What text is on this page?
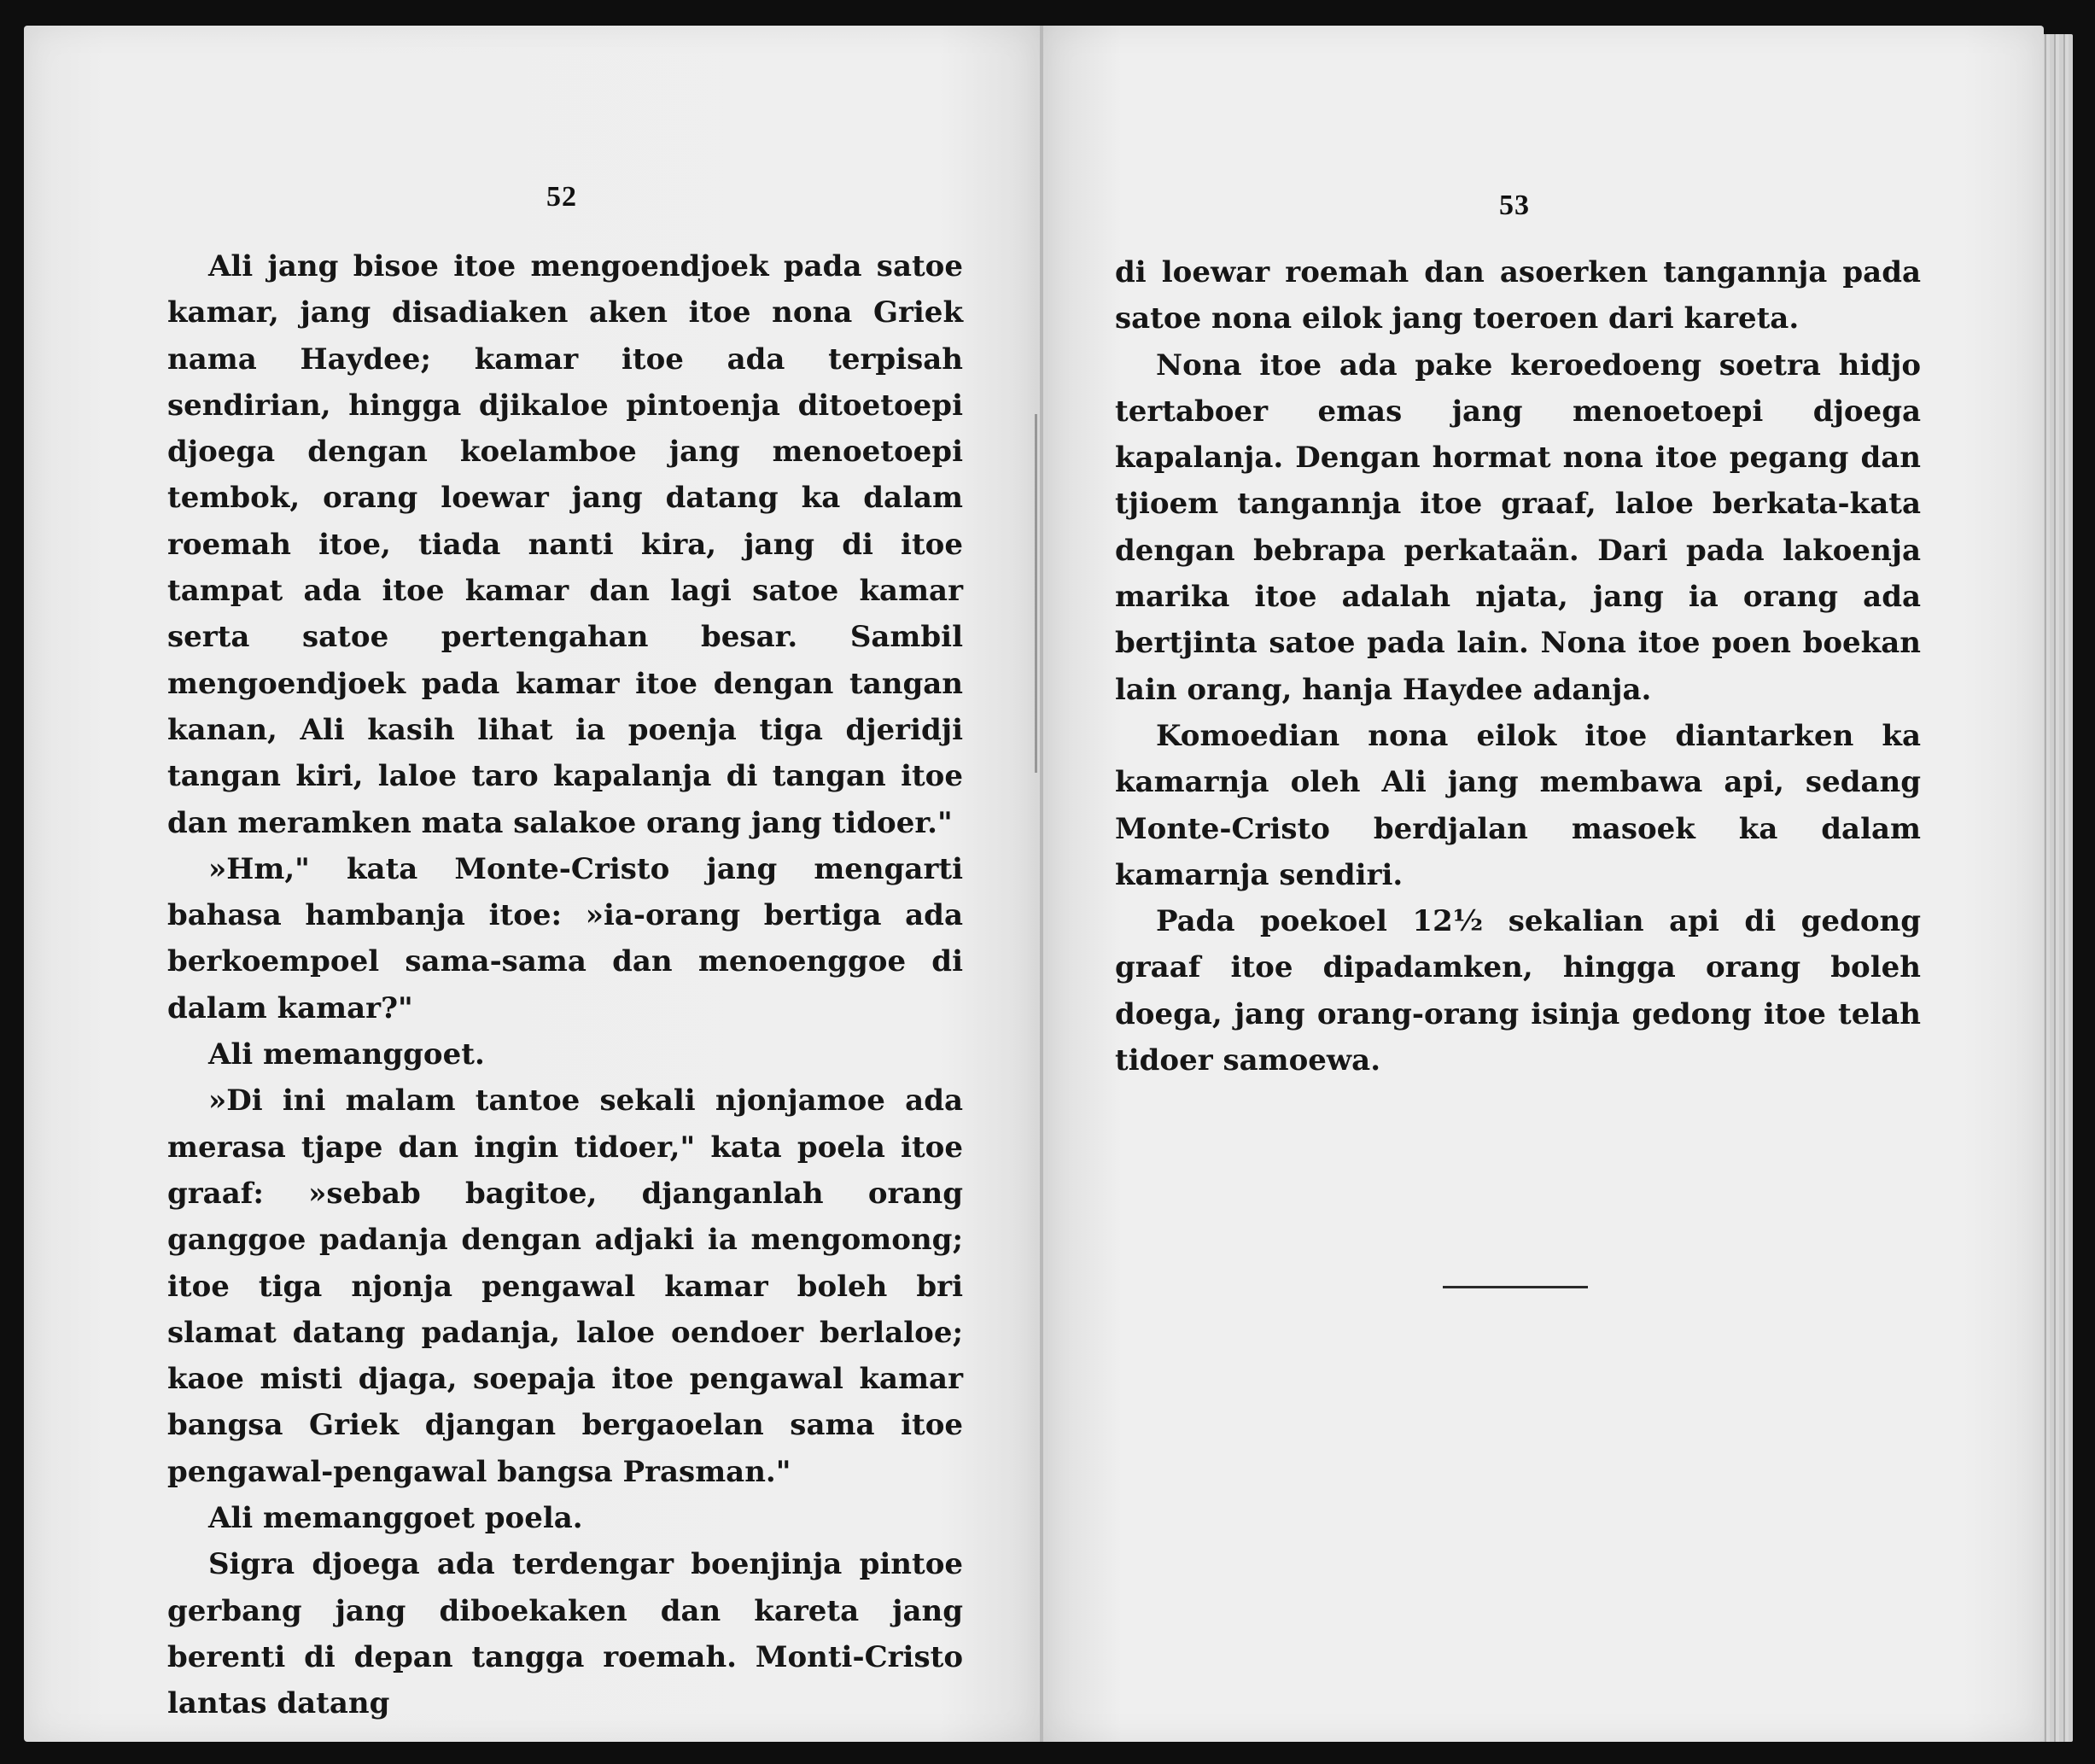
52	53

Ali jang bisoe itoe mengoendjoek pada satoe kamar, jang disadiaken aken itoe nona Griek nama Haydee; kamar itoe ada terpisah sendirian, hingga djikaloe pintoenja ditoetoepi djoega dengan koelamboe jang menoetoepi tembok, orang loewar jang datang ka dalam roemah itoe, tiada nanti kira, jang di itoe tampat ada itoe kamar dan lagi satoe kamar serta satoe pertengahan besar. Sambil mengoendjoek pada kamar itoe dengan tangan kanan, Ali kasih lihat ia poenja tiga djeridji tangan kiri, laloe taro kapalanja di tangan itoe dan meramken mata salakoe orang jang tidoer."

»Hm," kata Monte-Cristo jang mengarti bahasa hambanja itoe: »ia-orang bertiga ada berkoempoel sama-sama dan menoenggoe di dalam kamar?"

Ali memanggoet.

»Di ini malam tantoe sekali njonjamoe ada merasa tjape dan ingin tidoer," kata poela itoe graaf: »sebab bagitoe, djanganlah orang ganggoe padanja dengan adjaki ia mengomong; itoe tiga njonja pengawal kamar boleh bri slamat datang padanja, laloe oendoer berlaloe; kaoe misti djaga, soepaja itoe pengawal kamar bangsa Griek djangan bergaoelan sama itoe pengawal-pengawal bangsa Prasman."

Ali memanggoet poela.

Sigra djoega ada terdengar boenjinja pintoe gerbang jang diboekaken dan kareta jang berenti di depan tangga roemah. Monti-Cristo lantas datang

di loewar roemah dan asoerken tangannja pada satoe nona eilok jang toeroen dari kareta.

Nona itoe ada pake keroedoeng soetra hidjo tertaboer emas jang menoetoepi djoega kapalanja. Dengan hormat nona itoe pegang dan tjioem tangannja itoe graaf, laloe berkata-kata dengan bebrapa perkataän. Dari pada lakoenja marika itoe adalah njata, jang ia orang ada bertjinta satoe pada lain. Nona itoe poen boekan lain orang, hanja Haydee adanja.

Komoedian nona eilok itoe diantarken ka kamarnja oleh Ali jang membawa api, sedang Monte-Cristo berdjalan masoek ka dalam kamarnja sendiri.

Pada poekoel 12½ sekalian api di gedong graaf itoe dipadamken, hingga orang boleh doega, jang orang-orang isinja gedong itoe telah tidoer samoewa.
